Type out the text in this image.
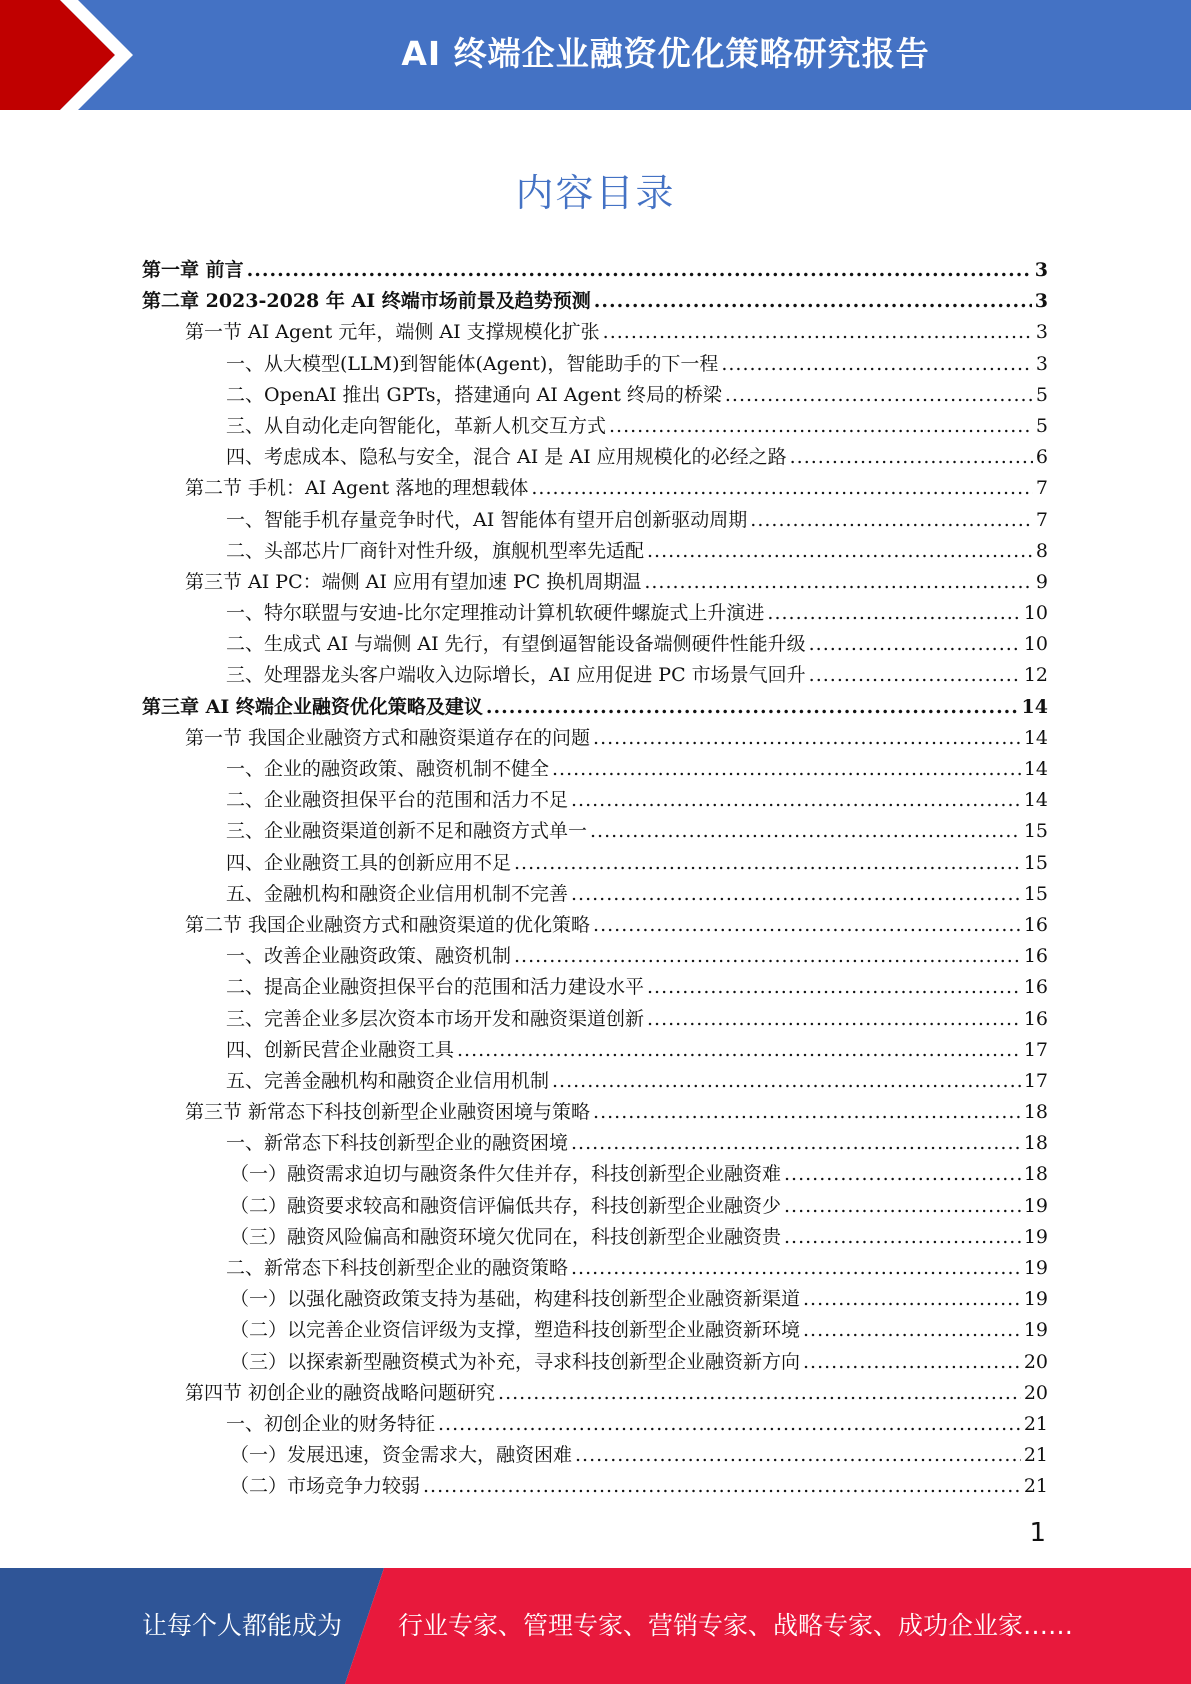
AI 终端企业融资优化策略研究报告
内容目录
第一章 前言 .....	3
第二章 2023-2028 年 AI 终端市场前景及趋势预测 .....	3
第一节 AI Agent 元年，端侧 AI 支撑规模化扩张 .....	3
一、从大模型(LLM)到智能体(Agent)，智能助手的下一程 .....	3
二、OpenAI 推出 GPTs，搭建通向 AI Agent 终局的桥梁 .....	5
三、从自动化走向智能化，革新人机交互方式 .....	5
四、考虑成本、隐私与安全，混合 AI 是 AI 应用规模化的必经之路 .....	6
第二节 手机：AI Agent 落地的理想载体 .....	7
一、智能手机存量竞争时代，AI 智能体有望开启创新驱动周期 .....	7
二、头部芯片厂商针对性升级，旗舰机型率先适配 .....	8
第三节 AI PC：端侧 AI 应用有望加速 PC 换机周期温 .....	9
一、特尔联盟与安迪-比尔定理推动计算机软硬件螺旋式上升演进 .....	10
二、生成式 AI 与端侧 AI 先行，有望倒逼智能设备端侧硬件性能升级 .....	10
三、处理器龙头客户端收入边际增长，AI 应用促进 PC 市场景气回升 .....	12
第三章 AI 终端企业融资优化策略及建议 .....	14
第一节 我国企业融资方式和融资渠道存在的问题 .....	14
一、企业的融资政策、融资机制不健全 .....	14
二、企业融资担保平台的范围和活力不足 .....	14
三、企业融资渠道创新不足和融资方式单一 .....	15
四、企业融资工具的创新应用不足 .....	15
五、金融机构和融资企业信用机制不完善 .....	15
第二节 我国企业融资方式和融资渠道的优化策略 .....	16
一、改善企业融资政策、融资机制 .....	16
二、提高企业融资担保平台的范围和活力建设水平 .....	16
三、完善企业多层次资本市场开发和融资渠道创新 .....	16
四、创新民营企业融资工具 .....	17
五、完善金融机构和融资企业信用机制 .....	17
第三节 新常态下科技创新型企业融资困境与策略 .....	18
一、新常态下科技创新型企业的融资困境 .....	18
（一）融资需求迫切与融资条件欠佳并存，科技创新型企业融资难 .....	18
（二）融资要求较高和融资信评偏低共存，科技创新型企业融资少 .....	19
（三）融资风险偏高和融资环境欠优同在，科技创新型企业融资贵 .....	19
二、新常态下科技创新型企业的融资策略 .....	19
（一）以强化融资政策支持为基础，构建科技创新型企业融资新渠道 .....	19
（二）以完善企业资信评级为支撑，塑造科技创新型企业融资新环境 .....	19
（三）以探索新型融资模式为补充，寻求科技创新型企业融资新方向 .....	20
第四节 初创企业的融资战略问题研究 .....	20
一、初创企业的财务特征 .....	21
（一）发展迅速，资金需求大，融资困难 .....	21
（二）市场竞争力较弱 .....	21
1
让每个人都能成为 行业专家、管理专家、营销专家、战略专家、成功企业家……
